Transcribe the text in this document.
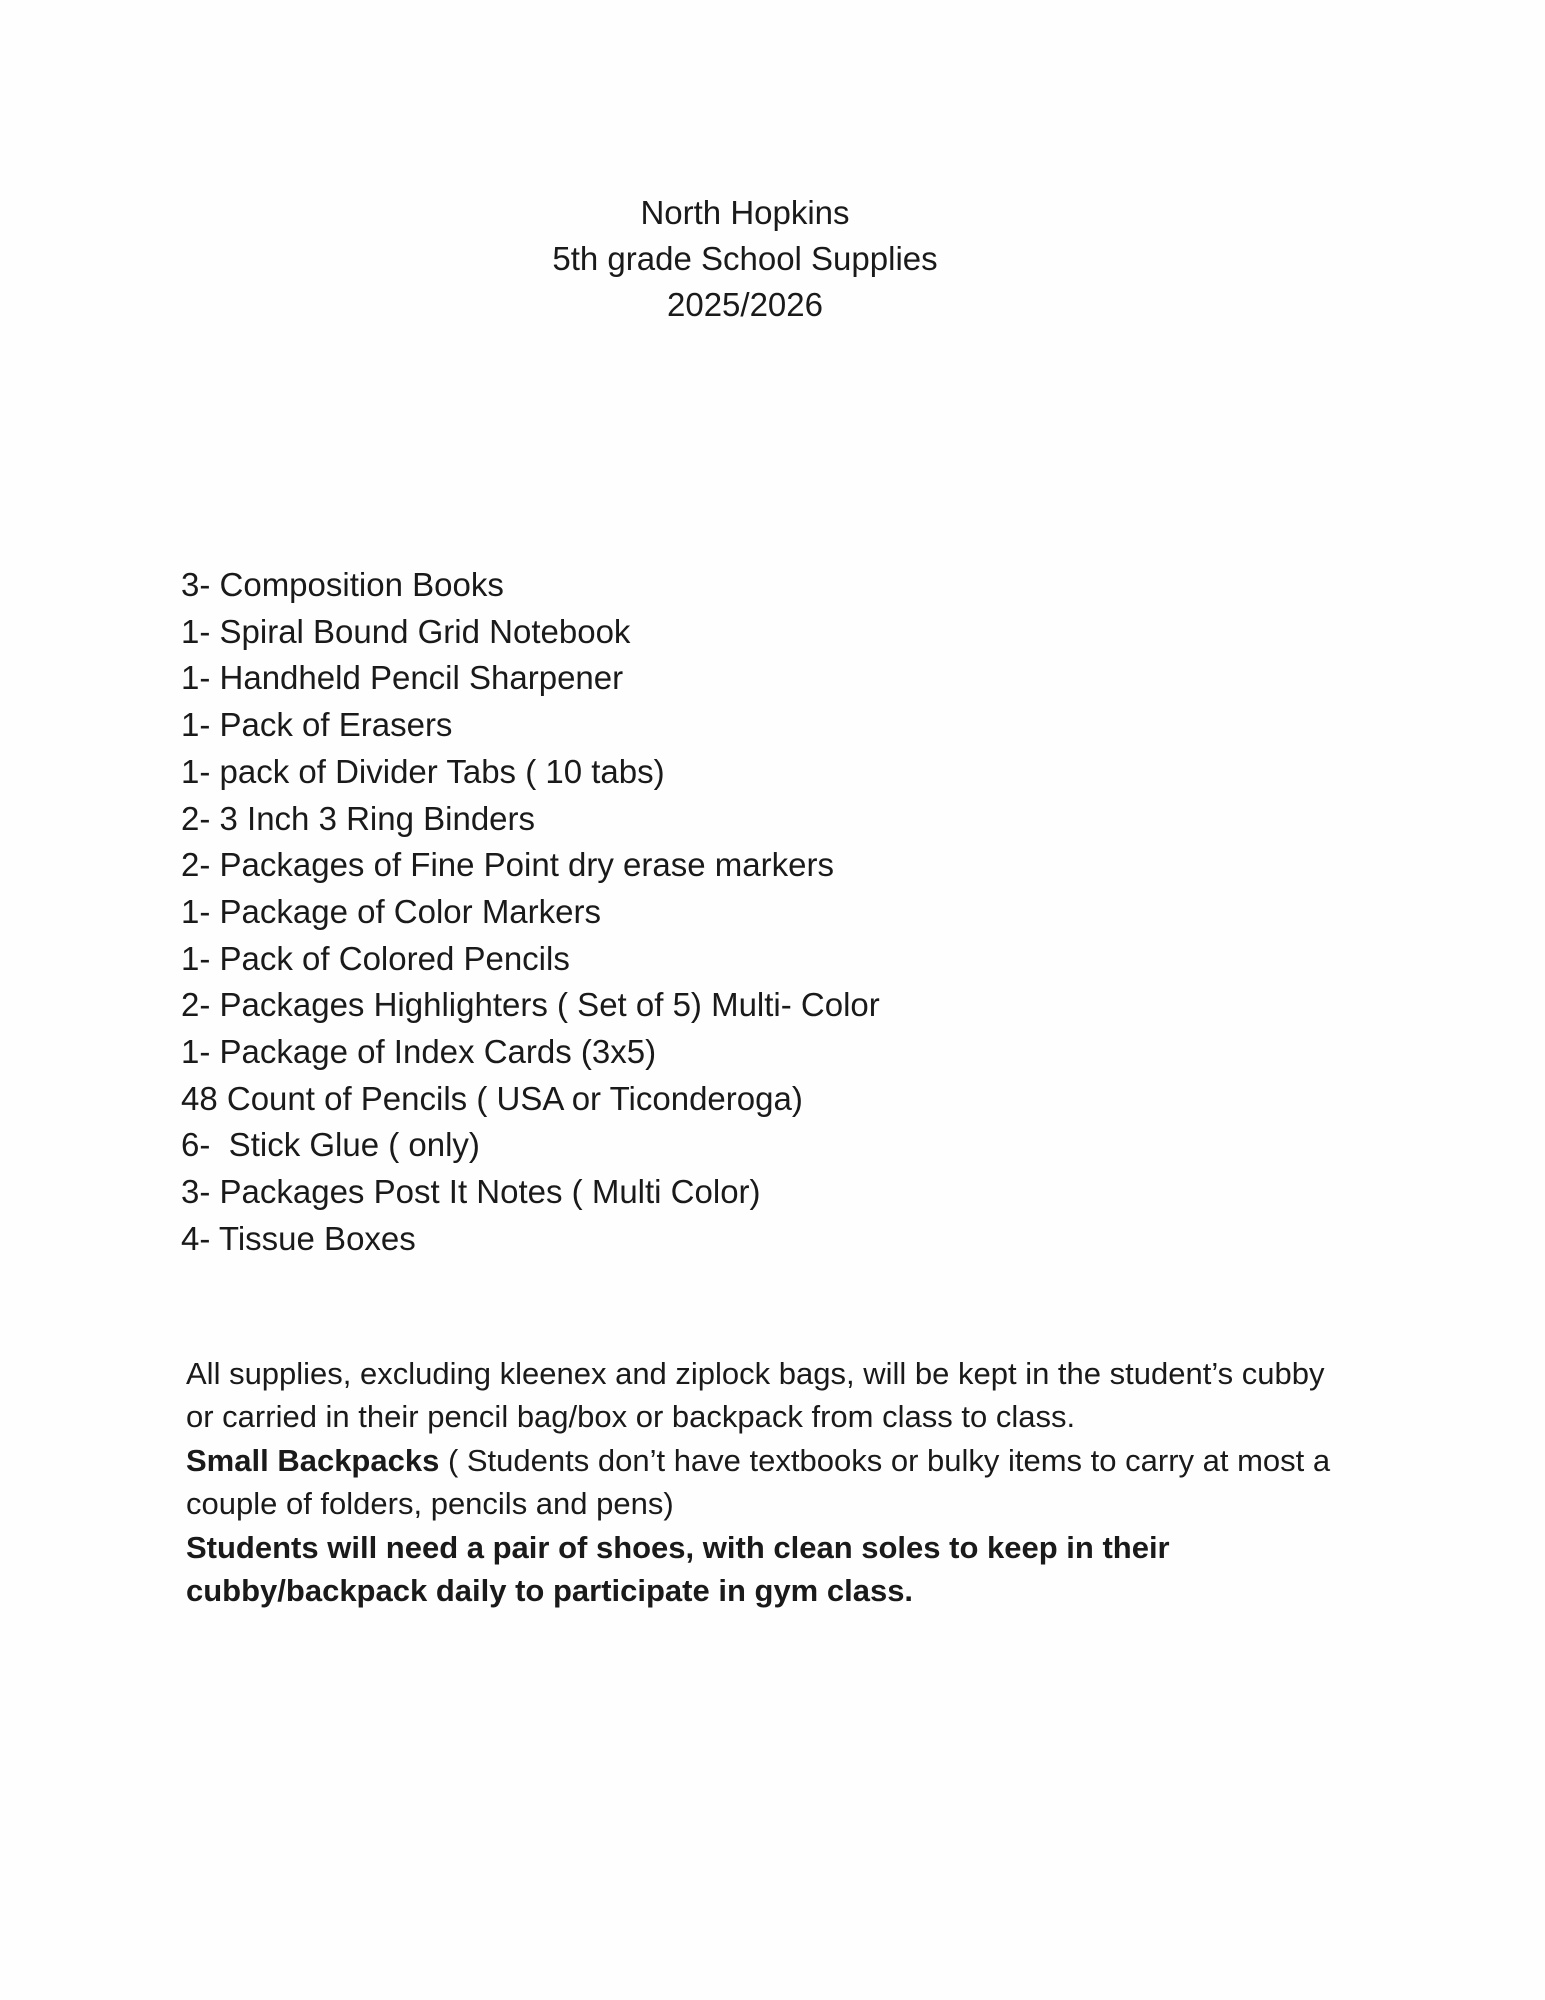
North Hopkins
5th grade School Supplies
2025/2026
3- Composition Books
1- Spiral Bound Grid Notebook
1- Handheld Pencil Sharpener
1- Pack of Erasers
1- pack of Divider Tabs ( 10 tabs)
2- 3 Inch 3 Ring Binders
2- Packages of Fine Point dry erase markers
1- Package of Color Markers
1- Pack of Colored Pencils
2- Packages Highlighters ( Set of 5) Multi- Color
1- Package of Index Cards (3x5)
48 Count of Pencils ( USA or Ticonderoga)
6-  Stick Glue ( only)
3- Packages Post It Notes ( Multi Color)
4- Tissue Boxes

All supplies, excluding kleenex and ziplock bags, will be kept in the student’s cubby or carried in their pencil bag/box or backpack from class to class.

Small Backpacks ( Students don’t have textbooks or bulky items to carry at most a couple of folders, pencils and pens)

Students will need a pair of shoes, with clean soles to keep in their cubby/backpack daily to participate in gym class.
